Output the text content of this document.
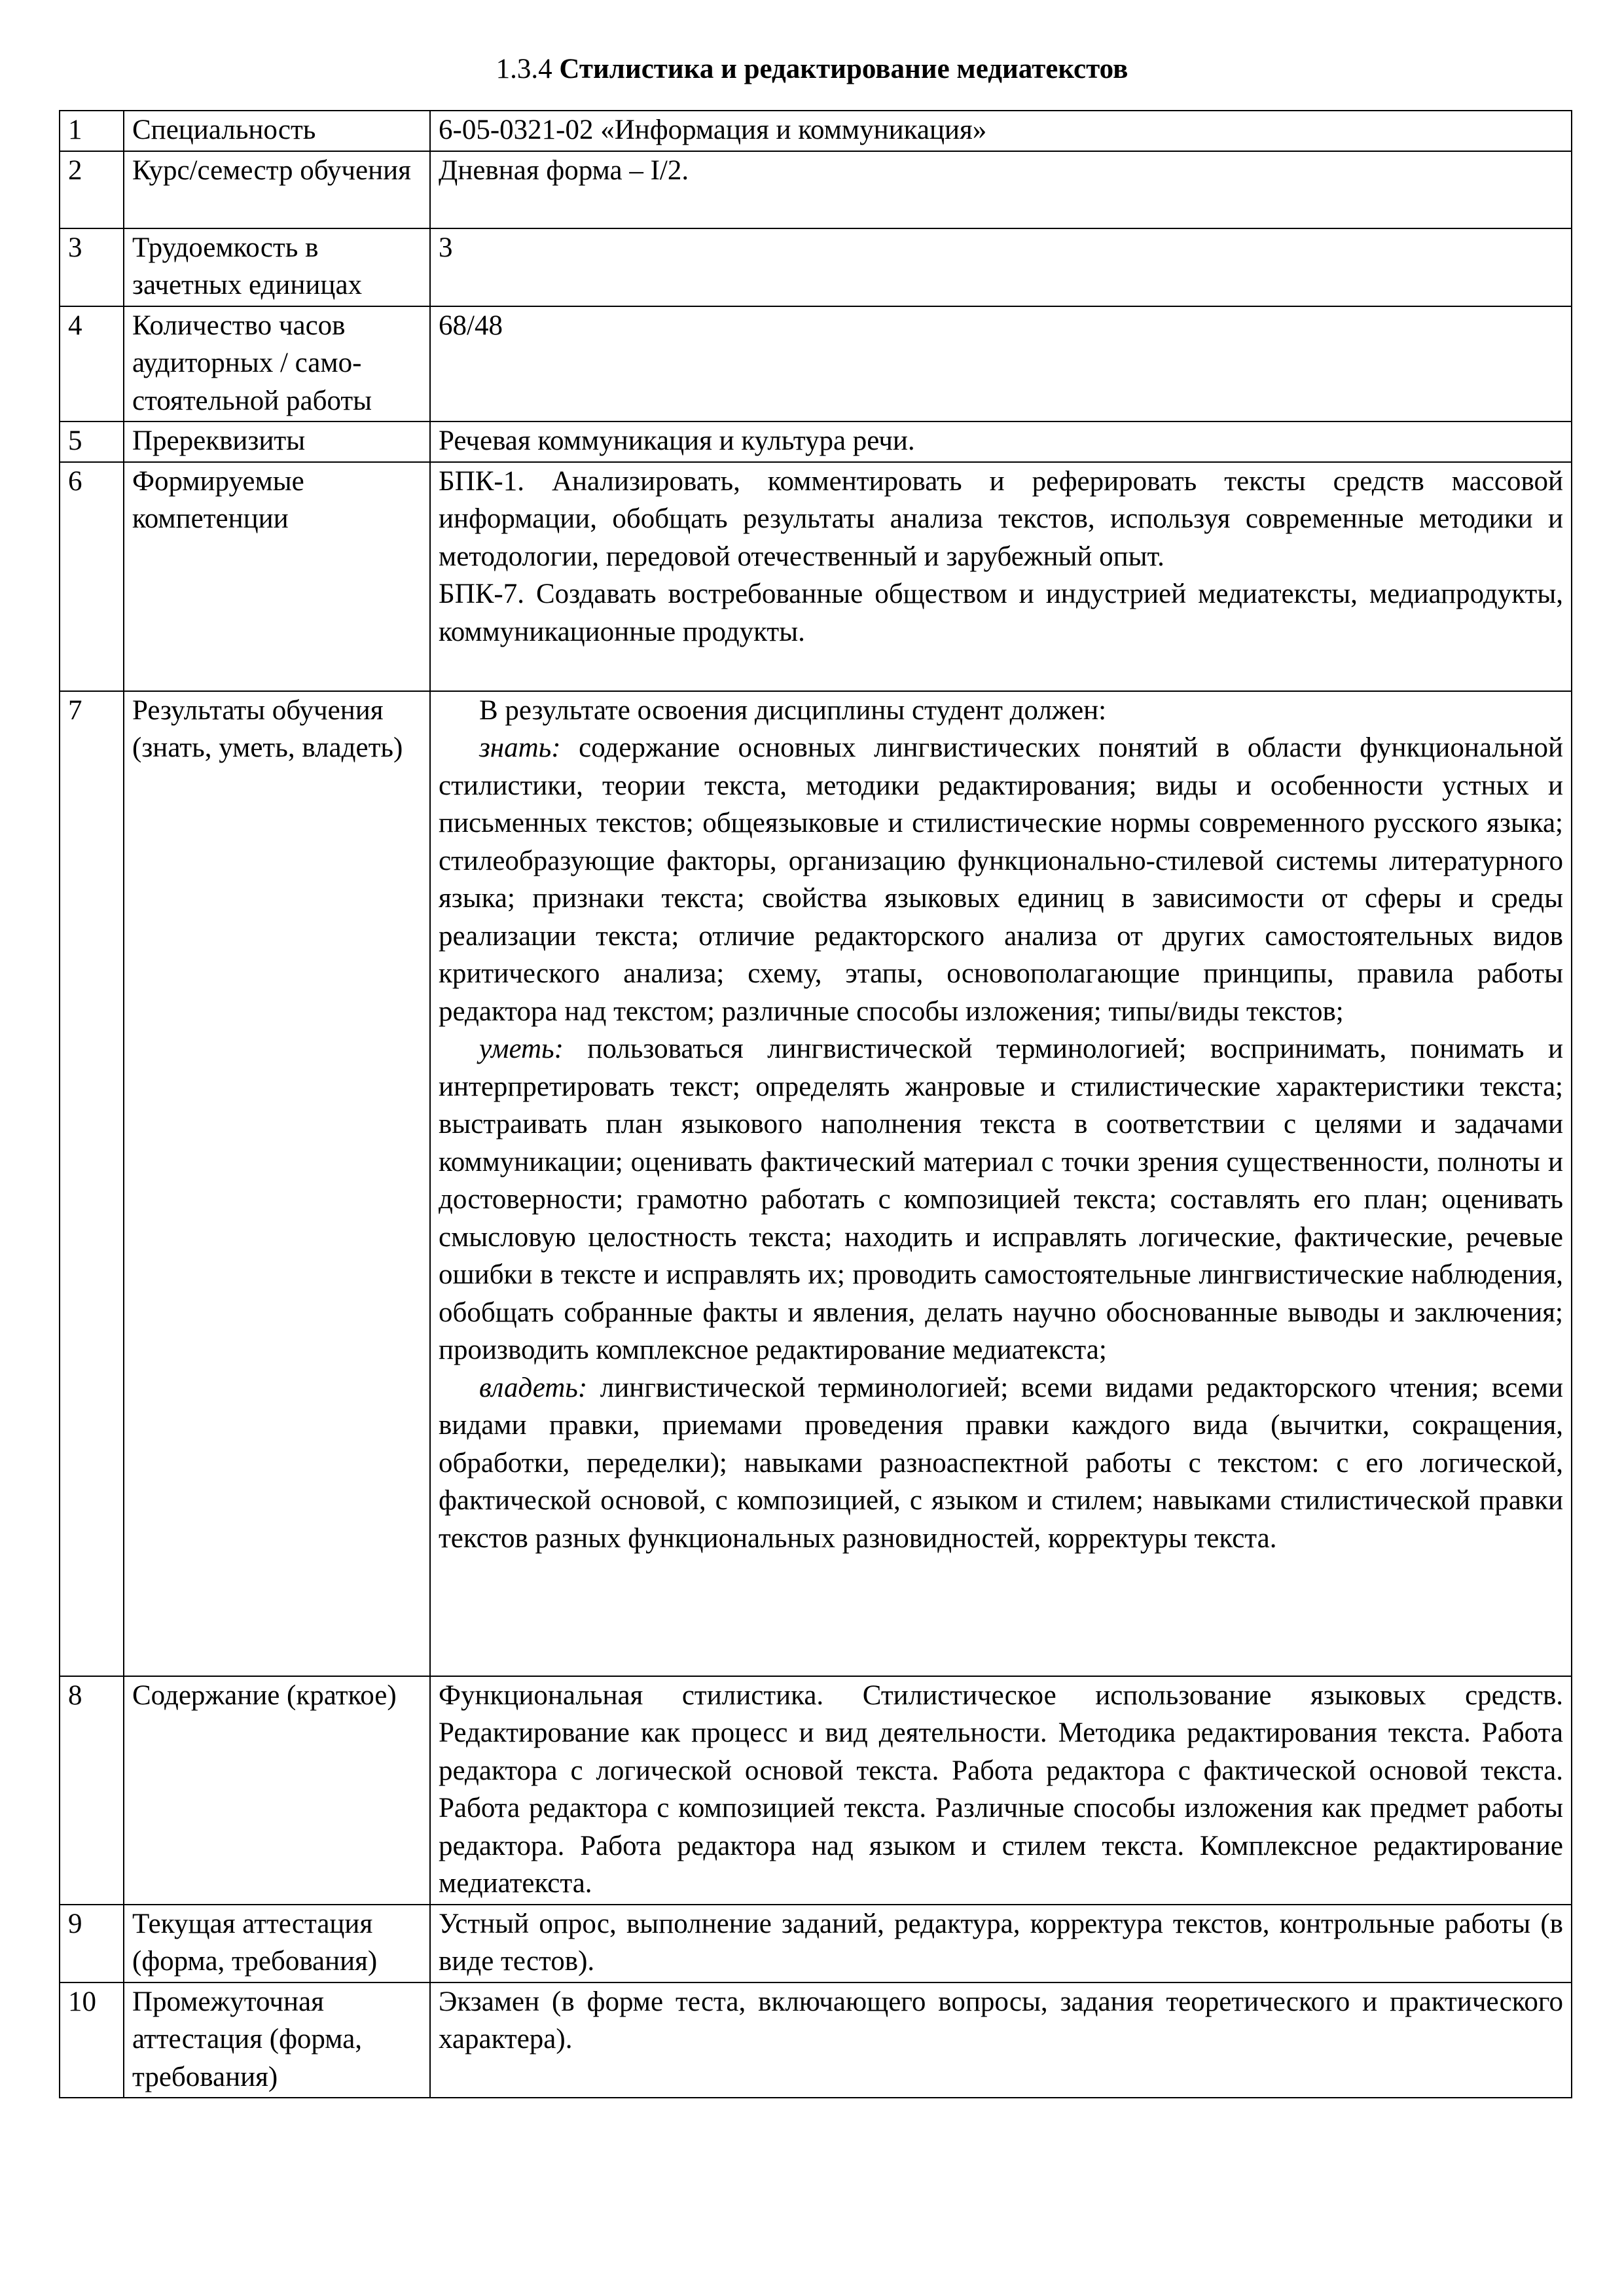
1.3.4 Стилистика и редактирование медиатекстов
1	Специальность	6-05-0321-02 «Информация и коммуникация»
2	Курс/семестр обучения	Дневная форма – I/2.
3	Трудоемкость в зачетных единицах	3
4	Количество часов аудиторных / само-стоятельной работы	68/48
5	Пререквизиты	Речевая коммуникация и культура речи.
6	Формируемые компетенции	БПК-1. Анализировать, комментировать и реферировать тексты средств массовой информации, обобщать результаты анализа текстов, используя современные методики и методологии, передовой отечественный и зарубежный опыт.

БПК-7. Создавать востребованные обществом и индустрией медиатексты, медиапродукты, коммуникационные продукты.

7	Результаты обучения (знать, уметь, владеть)	В результате освоения дисциплины студент должен:

знать: содержание основных лингвистических понятий в области функциональной стилистики, теории текста, методики редактирования; виды и особенности устных и письменных текстов; общеязыковые и стилистические нормы современного русского языка; стилеобразующие факторы, организацию функционально-стилевой системы литературного языка; признаки текста; свойства языковых единиц в зависимости от сферы и среды реализации текста; отличие редакторского анализа от других самостоятельных видов критического анализа; схему, этапы, основополагающие принципы, правила работы редактора над текстом; различные способы изложения; типы/виды текстов;

уметь: пользоваться лингвистической терминологией; воспринимать, понимать и интерпретировать текст; определять жанровые и стилистические характеристики текста; выстраивать план языкового наполнения текста в соответствии с целями и задачами коммуникации; оценивать фактический материал с точки зрения существенности, полноты и достоверности; грамотно работать с композицией текста; составлять его план; оценивать смысловую целостность текста; находить и исправлять логические, фактические, речевые ошибки в тексте и исправлять их; проводить самостоятельные лингвистические наблюдения, обобщать собранные факты и явления, делать научно обоснованные выводы и заключения; производить комплексное редактирование медиатекста;

владеть: лингвистической терминологией; всеми видами редакторского чтения; всеми видами правки, приемами проведения правки каждого вида (вычитки, сокращения, обработки, переделки); навыками разноаспектной работы с текстом: с его логической, фактической основой, с композицией, с языком и стилем; навыками стилистической правки текстов разных функциональных разновидностей, корректуры текста.

8	Содержание (краткое)	Функциональная стилистика. Стилистическое использование языковых средств. Редактирование как процесс и вид деятельности. Методика редактирования текста. Работа редактора с логической основой текста. Работа редактора с фактической основой текста. Работа редактора с композицией текста. Различные способы изложения как предмет работы редактора. Работа редактора над языком и стилем текста. Комплексное редактирование медиатекста.
9	Текущая аттестация (форма, требования)	Устный опрос, выполнение заданий, редактура, корректура текстов, контрольные работы (в виде тестов).
10	Промежуточная аттестация (форма, требования)	Экзамен (в форме теста, включающего вопросы, задания теоретического и практического характера).
